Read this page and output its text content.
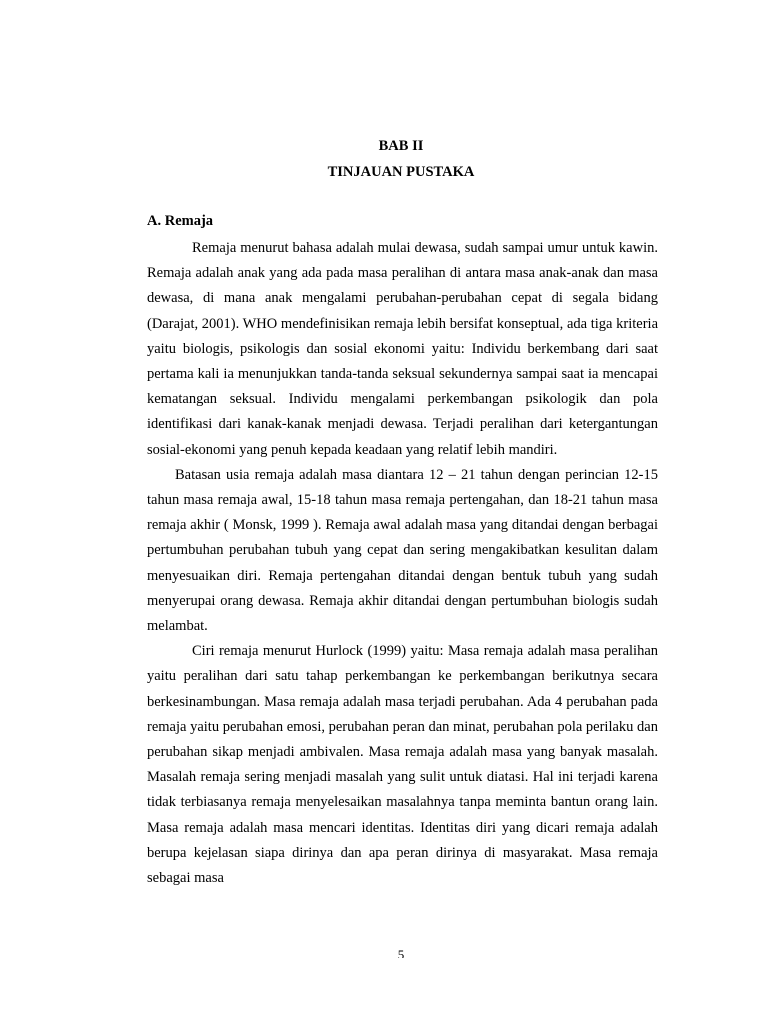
BAB II
TINJAUAN PUSTAKA
A. Remaja

Remaja menurut bahasa adalah mulai dewasa, sudah sampai umur untuk kawin. Remaja adalah anak yang ada pada masa peralihan di antara masa anak-anak dan masa dewasa, di mana anak mengalami perubahan-perubahan cepat di segala bidang (Darajat, 2001). WHO mendefinisikan remaja lebih bersifat konseptual, ada tiga kriteria yaitu biologis, psikologis dan sosial ekonomi yaitu: Individu berkembang dari saat pertama kali ia menunjukkan tanda-tanda seksual sekundernya sampai saat ia mencapai kematangan seksual. Individu mengalami perkembangan psikologik dan pola identifikasi dari kanak-kanak menjadi dewasa. Terjadi peralihan dari ketergantungan sosial-ekonomi yang penuh kepada keadaan yang relatif lebih mandiri.

Batasan usia remaja adalah masa diantara 12 – 21 tahun dengan perincian 12-15 tahun masa remaja awal, 15-18 tahun masa remaja pertengahan, dan 18-21 tahun masa remaja akhir ( Monsk, 1999 ). Remaja awal adalah masa yang ditandai dengan berbagai pertumbuhan perubahan tubuh yang cepat dan sering mengakibatkan kesulitan dalam menyesuaikan diri. Remaja pertengahan ditandai dengan bentuk tubuh yang sudah menyerupai orang dewasa. Remaja akhir ditandai dengan pertumbuhan biologis sudah melambat.

Ciri remaja menurut Hurlock (1999) yaitu: Masa remaja adalah masa peralihan yaitu peralihan dari satu tahap perkembangan ke perkembangan berikutnya secara berkesinambungan. Masa remaja adalah masa terjadi perubahan. Ada 4 perubahan pada remaja yaitu perubahan emosi, perubahan peran dan minat, perubahan pola perilaku dan perubahan sikap menjadi ambivalen. Masa remaja adalah masa yang banyak masalah. Masalah remaja sering menjadi masalah yang sulit untuk diatasi. Hal ini terjadi karena tidak terbiasanya remaja menyelesaikan masalahnya tanpa meminta bantun orang lain. Masa remaja adalah masa mencari identitas. Identitas diri yang dicari remaja adalah berupa kejelasan siapa dirinya dan apa peran dirinya di masyarakat. Masa remaja sebagai masa

5
